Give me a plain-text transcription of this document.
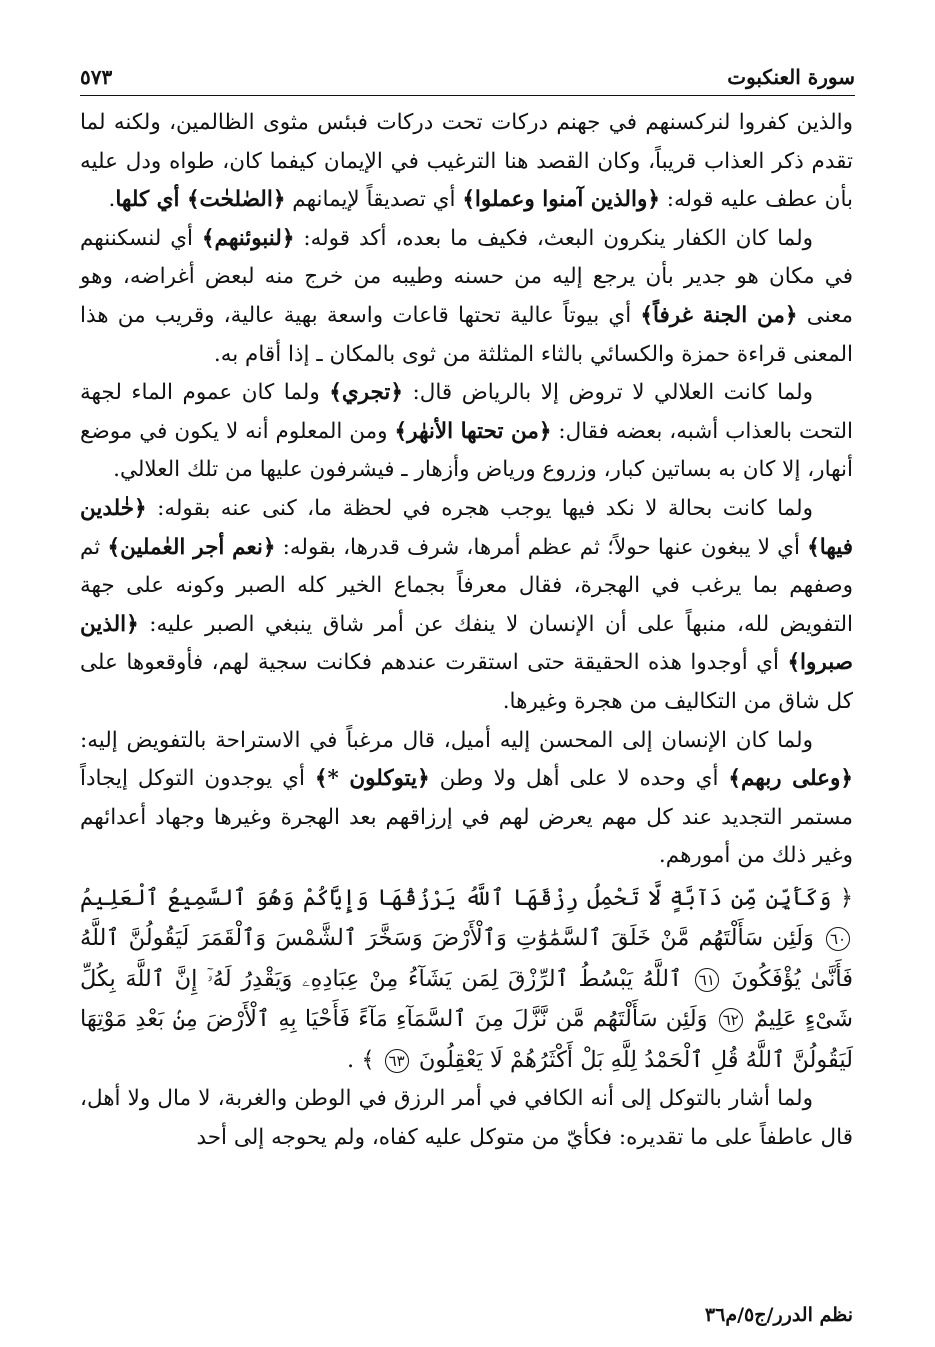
سورة العنكبوت
٥٧٣

والذين كفروا لنركسنهم في جهنم دركات تحت دركات فبئس مثوى الظالمين، ولكنه لما تقدم ذكر العذاب قريباً، وكان القصد هنا الترغيب في الإيمان كيفما كان، طواه ودل عليه بأن عطف عليه قوله: ﴿والذين آمنوا وعملوا﴾ أي تصديقاً لإيمانهم ﴿الصٰلحٰت﴾ أي كلها.

ولما كان الكفار ينكرون البعث، فكيف ما بعده، أكد قوله: ﴿لنبوئنهم﴾ أي لنسكننهم في مكان هو جدير بأن يرجع إليه من حسنه وطيبه من خرج منه لبعض أغراضه، وهو معنى ﴿من الجنة غرفاً﴾ أي بيوتاً عالية تحتها قاعات واسعة بهية عالية، وقريب من هذا المعنى قراءة حمزة والكسائي بالثاء المثلثة من ثوى بالمكان ـ إذا أقام به.

ولما كانت العلالي لا تروض إلا بالرياض قال: ﴿تجري﴾ ولما كان عموم الماء لجهة التحت بالعذاب أشبه، بعضه فقال: ﴿من تحتها الأنهٰر﴾ ومن المعلوم أنه لا يكون في موضع أنهار، إلا كان به بساتين كبار، وزروع ورياض وأزهار ـ فيشرفون عليها من تلك العلالي.

ولما كانت بحالة لا نكد فيها يوجب هجره في لحظة ما، كنى عنه بقوله: ﴿خٰلدين فيها﴾ أي لا يبغون عنها حولاً؛ ثم عظم أمرها، شرف قدرها، بقوله: ﴿نعم أجر العٰملين﴾ ثم وصفهم بما يرغب في الهجرة، فقال معرفاً بجماع الخير كله الصبر وكونه على جهة التفويض لله، منبهاً على أن الإنسان لا ينفك عن أمر شاق ينبغي الصبر عليه: ﴿الذين صبروا﴾ أي أوجدوا هذه الحقيقة حتى استقرت عندهم فكانت سجية لهم، فأوقعوها على كل شاق من التكاليف من هجرة وغيرها.

ولما كان الإنسان إلى المحسن إليه أميل، قال مرغباً في الاستراحة بالتفويض إليه: ﴿وعلى ربهم﴾ أي وحده لا على أهل ولا وطن ﴿يتوكلون *﴾ أي يوجدون التوكل إيجاداً مستمر التجديد عند كل مهم يعرض لهم في إرزاقهم بعد الهجرة وغيرها وجهاد أعدائهم وغير ذلك من أمورهم.

﴿ وَكَأَيِّن مِّن دَآبَّةٍ لَّا تَحْمِلُ رِزْقَهَا ٱللَّهُ يَرْزُقُهَا وَإِيَّاكُمْ وَهُوَ ٱلسَّمِيعُ ٱلْعَلِيمُ ٦٠ وَلَئِن سَأَلْتَهُم مَّنْ خَلَقَ ٱلسَّمَٰوَٰتِ وَٱلْأَرْضَ وَسَخَّرَ ٱلشَّمْسَ وَٱلْقَمَرَ لَيَقُولُنَّ ٱللَّهُ فَأَنَّىٰ يُؤْفَكُونَ ٦١ ٱللَّهُ يَبْسُطُ ٱلرِّزْقَ لِمَن يَشَآءُ مِنْ عِبَادِهِۦ وَيَقْدِرُ لَهُۥٓ إِنَّ ٱللَّهَ بِكُلِّ شَىْءٍ عَلِيمٌ ٦٢ وَلَئِن سَأَلْتَهُم مَّن نَّزَّلَ مِنَ ٱلسَّمَآءِ مَآءً فَأَحْيَا بِهِ ٱلْأَرْضَ مِنۢ بَعْدِ مَوْتِهَا لَيَقُولُنَّ ٱللَّهُ قُلِ ٱلْحَمْدُ لِلَّهِ بَلْ أَكْثَرُهُمْ لَا يَعْقِلُونَ ٦٣ ﴾ .

ولما أشار بالتوكل إلى أنه الكافي في أمر الرزق في الوطن والغربة، لا مال ولا أهل، قال عاطفاً على ما تقديره: فكأيّ من متوكل عليه كفاه، ولم يحوجه إلى أحد

نظم الدرر/ج٥/م٣٦
